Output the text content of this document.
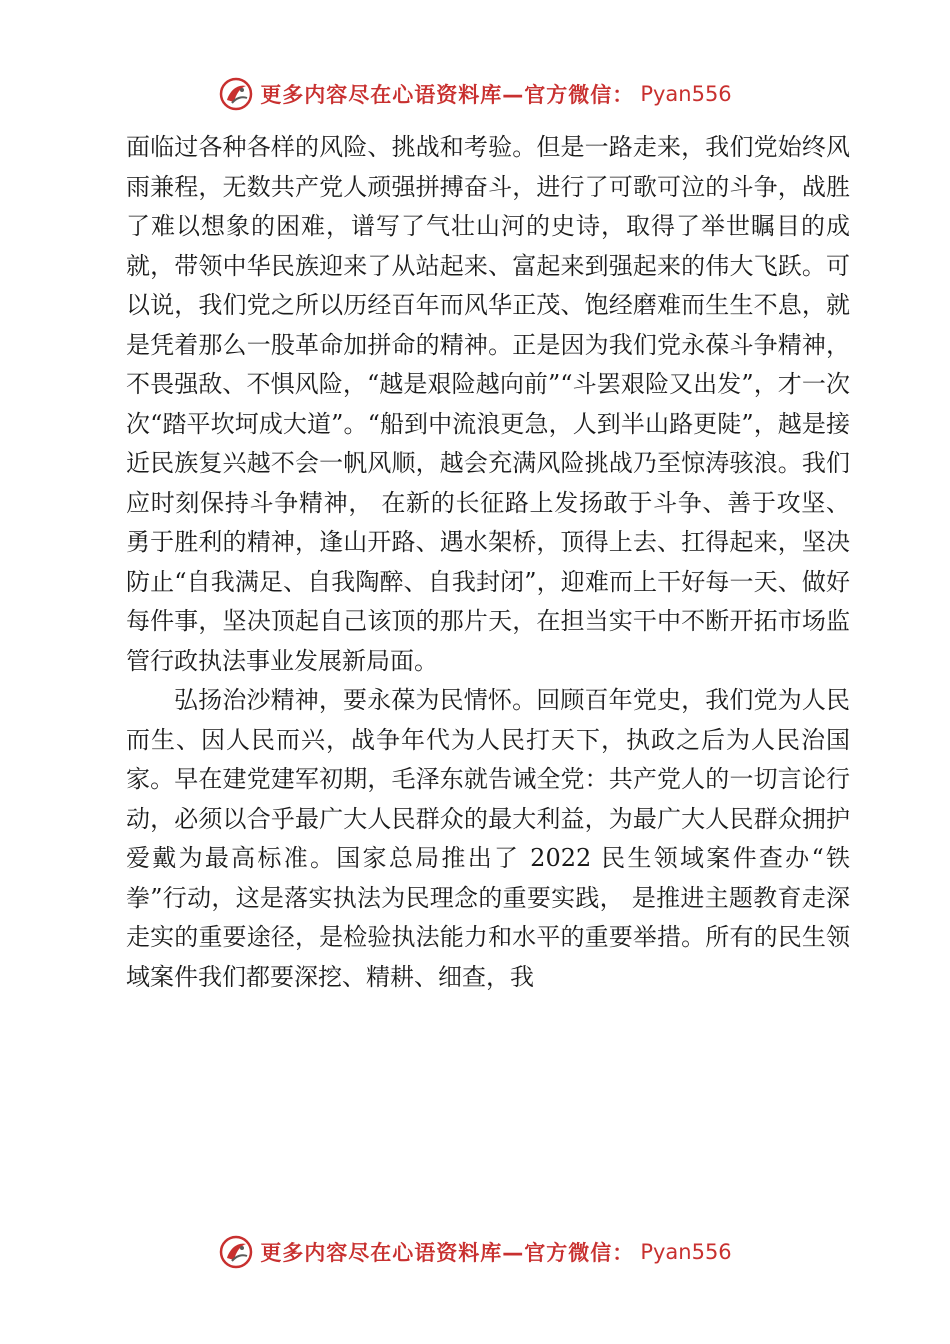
更多内容尽在心语资料库—官方微信： Pyan556

面临过各种各样的风险、挑战和考验。但是一路走来，我们党始终风雨兼程，无数共产党人顽强拼搏奋斗，进行了可歌可泣的斗争，战胜了难以想象的困难，谱写了气壮山河的史诗，取得了举世瞩目的成就，带领中华民族迎来了从站起来、富起来到强起来的伟大飞跃。可以说，我们党之所以历经百年而风华正茂、饱经磨难而生生不息，就是凭着那么一股革命加拼命的精神。正是因为我们党永葆斗争精神，不畏强敌、不惧风险，“越是艰险越向前”“斗罢艰险又出发”，才一次次“踏平坎坷成大道”。“船到中流浪更急，人到半山路更陡”，越是接近民族复兴越不会一帆风顺，越会充满风险挑战乃至惊涛骇浪。我们应时刻保持斗争精神， 在新的长征路上发扬敢于斗争、善于攻坚、勇于胜利的精神，逢山开路、遇水架桥，顶得上去、扛得起来，坚决防止“自我满足、自我陶醉、自我封闭”，迎难而上干好每一天、做好每件事，坚决顶起自己该顶的那片天，在担当实干中不断开拓市场监管行政执法事业发展新局面。

弘扬治沙精神，要永葆为民情怀。回顾百年党史，我们党为人民而生、因人民而兴，战争年代为人民打天下，执政之后为人民治国家。早在建党建军初期，毛泽东就告诫全党：共产党人的一切言论行动，必须以合乎最广大人民群众的最大利益，为最广大人民群众拥护爱戴为最高标准。国家总局推出了 2022 民生领域案件查办“铁拳”行动，这是落实执法为民理念的重要实践， 是推进主题教育走深走实的重要途径，是检验执法能力和水平的重要举措。所有的民生领域案件我们都要深挖、精耕、细查，我

更多内容尽在心语资料库—官方微信： Pyan556
